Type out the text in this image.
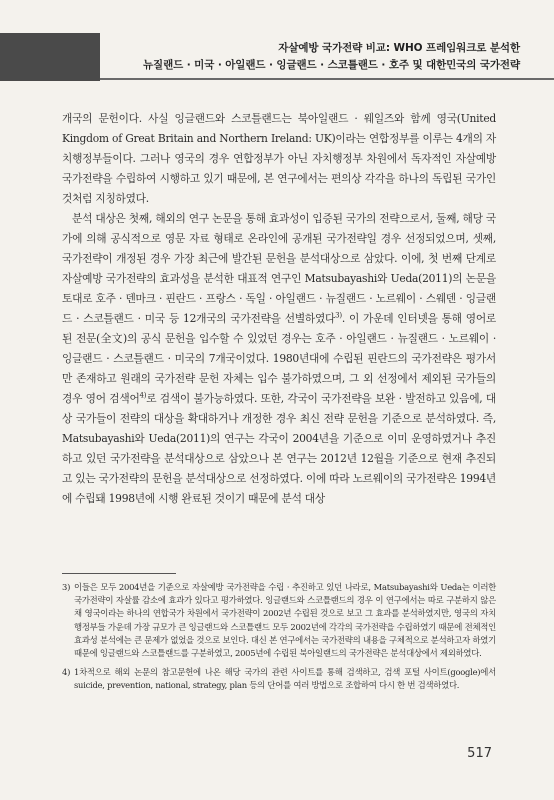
자살예방 국가전략 비교: WHO 프레임워크로 분석한
뉴질랜드 · 미국 · 아일랜드 · 잉글랜드 · 스코틀랜드 · 호주 및 대한민국의 국가전략

개국의 문헌이다. 사실 잉글랜드와 스코틀랜드는 북아일랜드 · 웨일즈와 함께 영국(United Kingdom of Great Britain and Northern Ireland: UK)이라는 연합정부를 이루는 4개의 자치행정부들이다. 그러나 영국의 경우 연합정부가 아닌 자치행정부 차원에서 독자적인 자살예방 국가전략을 수립하여 시행하고 있기 때문에, 본 연구에서는 편의상 각각을 하나의 독립된 국가인 것처럼 지칭하였다.

분석 대상은 첫째, 해외의 연구 논문을 통해 효과성이 입증된 국가의 전략으로서, 둘째, 해당 국가에 의해 공식적으로 영문 자료 형태로 온라인에 공개된 국가전략일 경우 선정되었으며, 셋째, 국가전략이 개정된 경우 가장 최근에 발간된 문헌을 분석대상으로 삼았다. 이에, 첫 번째 단계로 자살예방 국가전략의 효과성을 분석한 대표적 연구인 Matsubayashi와 Ueda(2011)의 논문을 토대로 호주 · 덴마크 · 핀란드 · 프랑스 · 독일 · 아일랜드 · 뉴질랜드 · 노르웨이 · 스웨덴 · 잉글랜드 · 스코틀랜드 · 미국 등 12개국의 국가전략을 선별하였다$^{3)}$. 이 가운데 인터넷을 통해 영어로 된 전문(全文)의 공식 문헌을 입수할 수 있었던 경우는 호주 · 아일랜드 · 뉴질랜드 · 노르웨이 · 잉글랜드 · 스코틀랜드 · 미국의 7개국이었다. 1980년대에 수립된 핀란드의 국가전략은 평가서만 존재하고 원래의 국가전략 문헌 자체는 입수 불가하였으며, 그 외 선정에서 제외된 국가들의 경우 영어 검색어$^{4)}$로 검색이 불가능하였다. 또한, 각국이 국가전략을 보완 · 발전하고 있음에, 대상 국가들이 전략의 대상을 확대하거나 개정한 경우 최신 전략 문헌을 기준으로 분석하였다. 즉, Matsubayashi와 Ueda(2011)의 연구는 각국이 2004년을 기준으로 이미 운영하였거나 추진하고 있던 국가전략을 분석대상으로 삼았으나 본 연구는 2012년 12월을 기준으로 현재 추진되고 있는 국가전략의 문헌을 분석대상으로 선정하였다. 이에 따라 노르웨이의 국가전략은 1994년에 수립돼 1998년에 시행 완료된 것이기 때문에 분석 대상

3) 이들은 모두 2004년을 기준으로 자살예방 국가전략을 수립 · 추진하고 있던 나라로, Matsubayashi와 Ueda는 이러한 국가전략이 자살률 감소에 효과가 있다고 평가하였다. 잉글랜드와 스코틀랜드의 경우 이 연구에서는 따로 구분하지 않은 채 영국이라는 하나의 연합국가 차원에서 국가전략이 2002년 수립된 것으로 보고 그 효과를 분석하였지만, 영국의 자치행정부들 가운데 가장 규모가 큰 잉글랜드와 스코틀랜드 모두 2002년에 각각의 국가전략을 수립하였기 때문에 전체적인 효과성 분석에는 큰 문제가 없었을 것으로 보인다. 대신 본 연구에서는 국가전략의 내용을 구체적으로 분석하고자 하였기 때문에 잉글랜드와 스코틀랜드를 구분하였고, 2005년에 수립된 북아일랜드의 국가전략은 분석대상에서 제외하였다.
4) 1차적으로 해외 논문의 참고문헌에 나온 해당 국가의 관련 사이트를 통해 검색하고, 검색 포털 사이트(google)에서 suicide, prevention, national, strategy, plan 등의 단어를 여러 방법으로 조합하여 다시 한 번 검색하였다.
517
